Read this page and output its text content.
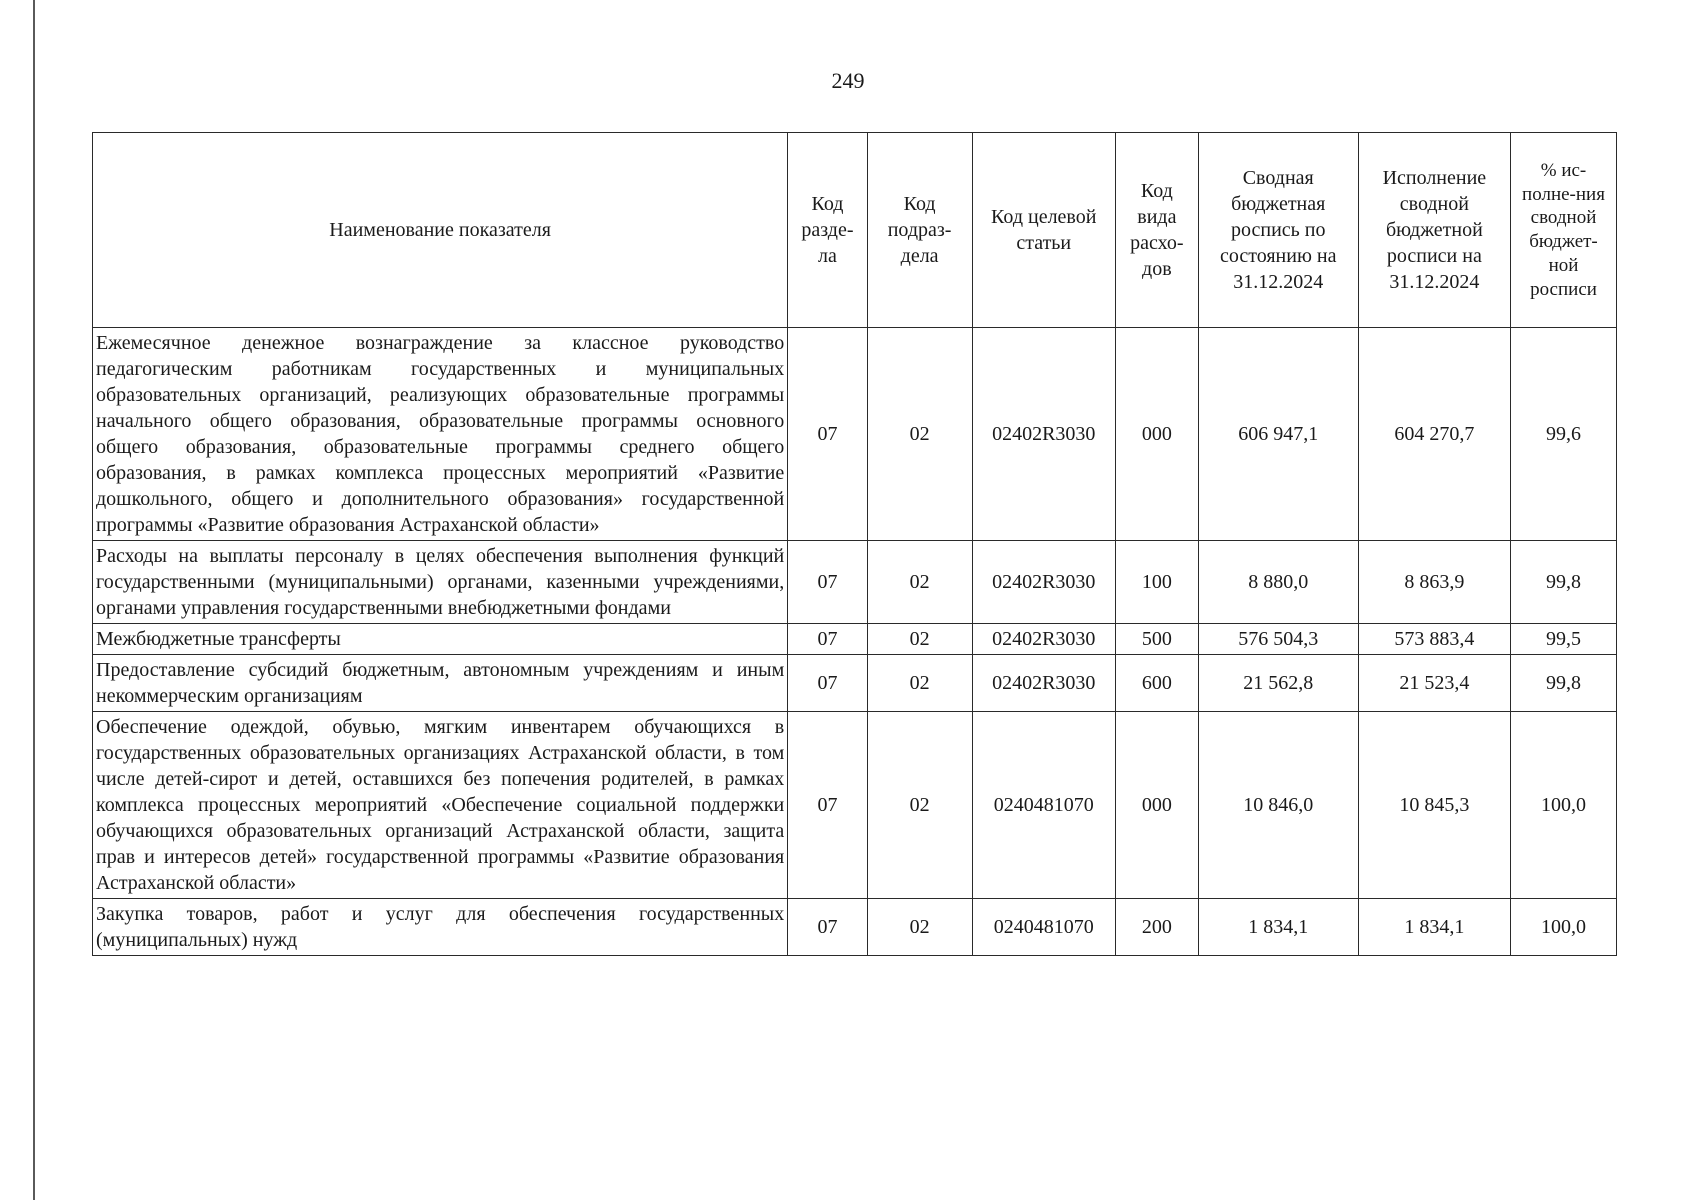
249
Наименование показателя	Код разде-ла	Код подраз-дела	Код целевой статьи	Код вида расхо-дов	Сводная бюджетная роспись по состоянию на 31.12.2024	Исполнение сводной бюджетной росписи на 31.12.2024	% ис-полне-ния сводной бюджет-ной росписи
Ежемесячное денежное вознаграждение за классное руководство педагогическим работникам государственных и муниципальных образовательных организаций, реализующих образовательные программы начального общего образования, образовательные программы основного общего образования, образовательные программы среднего общего образования, в рамках комплекса процессных мероприятий «Развитие дошкольного, общего и дополнительного образования» государственной программы «Развитие образования Астраханской области»	07	02	02402R3030	000	606 947,1	604 270,7	99,6
Расходы на выплаты персоналу в целях обеспечения выполнения функций государственными (муниципальными) органами, казенными учреждениями, органами управления государственными внебюджетными фондами	07	02	02402R3030	100	8 880,0	8 863,9	99,8
Межбюджетные трансферты	07	02	02402R3030	500	576 504,3	573 883,4	99,5
Предоставление субсидий бюджетным, автономным учреждениям и иным некоммерческим организациям	07	02	02402R3030	600	21 562,8	21 523,4	99,8
Обеспечение одеждой, обувью, мягким инвентарем обучающихся в государственных образовательных организациях Астраханской области, в том числе детей-сирот и детей, оставшихся без попечения родителей, в рамках комплекса процессных мероприятий «Обеспечение социальной поддержки обучающихся образовательных организаций Астраханской области, защита прав и интересов детей» государственной программы «Развитие образования Астраханской области»	07	02	0240481070	000	10 846,0	10 845,3	100,0
Закупка товаров, работ и услуг для обеспечения государственных (муниципальных) нужд	07	02	0240481070	200	1 834,1	1 834,1	100,0
